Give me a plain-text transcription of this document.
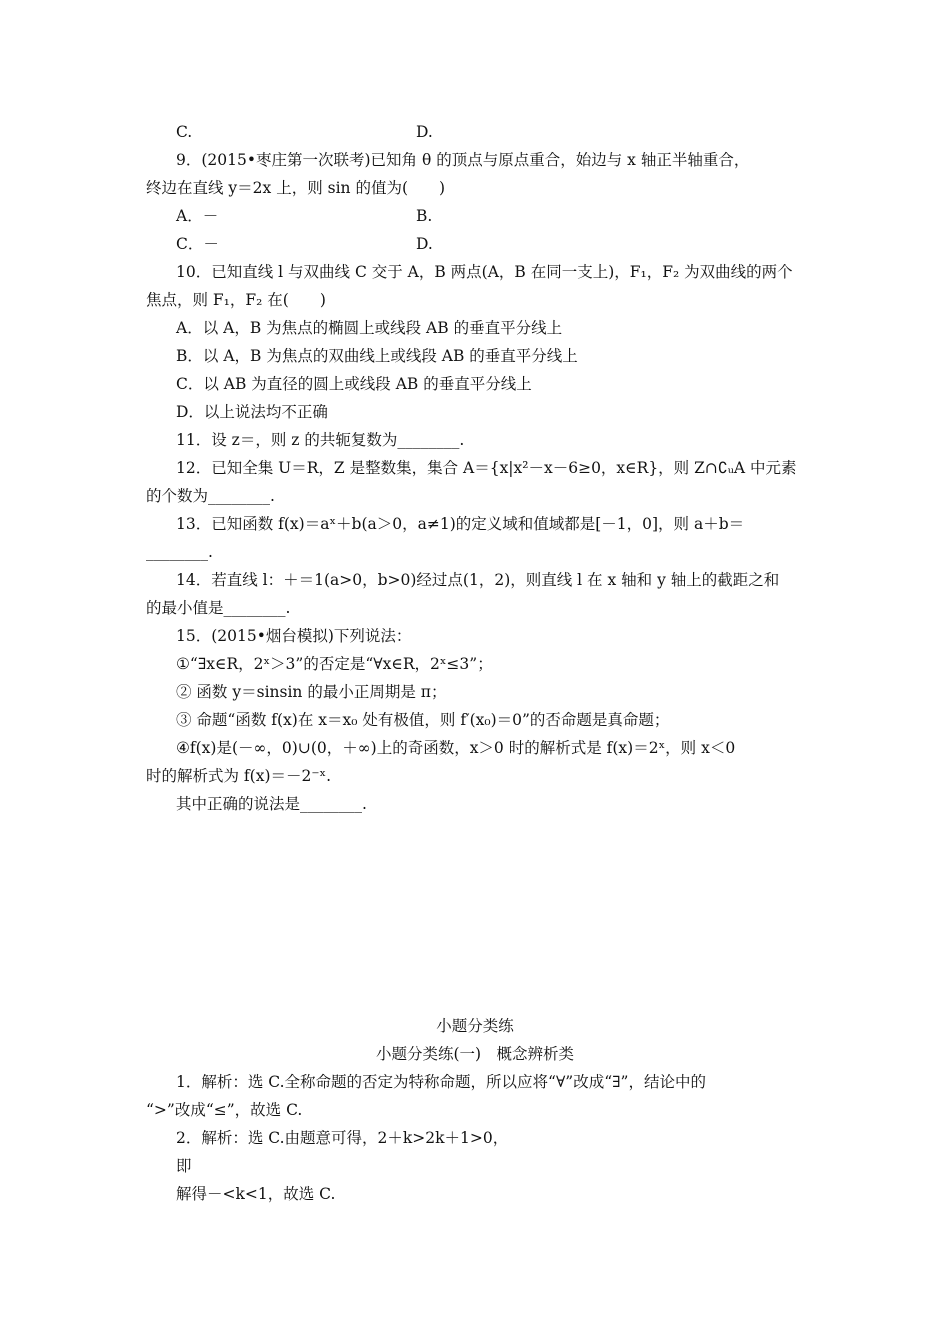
C.	D.
9．(2015•枣庄第一次联考)已知角 θ 的顶点与原点重合，始边与 x 轴正半轴重合，
终边在直线 y＝2x 上，则 sin 的值为(　　)
A．－	B.
C．－	D.
10．已知直线 l 与双曲线 C 交于 A，B 两点(A，B 在同一支上)，F₁，F₂ 为双曲线的两个
焦点，则 F₁，F₂ 在(　　)
A．以 A，B 为焦点的椭圆上或线段 AB 的垂直平分线上
B．以 A，B 为焦点的双曲线上或线段 AB 的垂直平分线上
C．以 AB 为直径的圆上或线段 AB 的垂直平分线上
D．以上说法均不正确
11．设 z＝，则 z 的共轭复数为________.
12．已知全集 U＝R，Z 是整数集，集合 A＝{x|x²－x－6≥0，x∈R}，则 Z∩∁ᵤA 中元素
的个数为________.
13．已知函数 f(x)＝aˣ＋b(a＞0，a≠1)的定义域和值域都是[－1，0]，则 a＋b＝
________.
14．若直线 l：＋＝1(a>0，b>0)经过点(1，2)，则直线 l 在 x 轴和 y 轴上的截距之和
的最小值是________.
15．(2015•烟台模拟)下列说法：
①“∃x∈R，2ˣ＞3”的否定是“∀x∈R，2ˣ≤3”；
② 函数 y＝sinsin 的最小正周期是 π；
③ 命题“函数 f(x)在 x＝x₀ 处有极值，则 f′(x₀)＝0”的否命题是真命题；
④f(x)是(－∞，0)∪(0，＋∞)上的奇函数，x＞0 时的解析式是 f(x)＝2ˣ，则 x＜0
时的解析式为 f(x)＝－2⁻ˣ.
其中正确的说法是________.
小题分类练
小题分类练(一)　概念辨析类
1．解析：选 C.全称命题的否定为特称命题，所以应将“∀”改成“∃”，结论中的
“>”改成“≤”，故选 C.
2．解析：选 C.由题意可得，2＋k>2k＋1>0，
即
解得－<k<1，故选 C.
